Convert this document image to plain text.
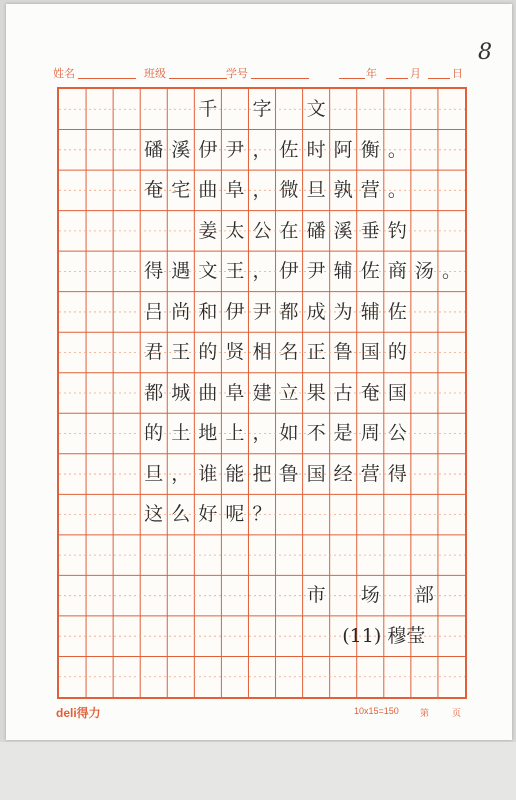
8
姓名	班级	学号	年	月	日
千 字 文
磻 溪 伊 尹 ， 佐 时 阿 衡 。
奄 宅 曲 阜 ， 微 旦 孰 营 。
姜 太 公 在 磻 溪 垂 钓
得 遇 文 王 ， 伊 尹 辅 佐 商 汤 。
吕 尚 和 伊 尹 都 成 为 辅 佐
君 王 的 贤 相 名 正 鲁 国 的
都 城 曲 阜 建 立 果 古 奄 国
的 土 地 上 ， 如 不 是 周 公
旦 ， 谁 能 把 鲁 国 经 营 得
这 么 好 呢 ？
市 场 部
(11) 穆莹
deli得力	10x15=150 第	页
